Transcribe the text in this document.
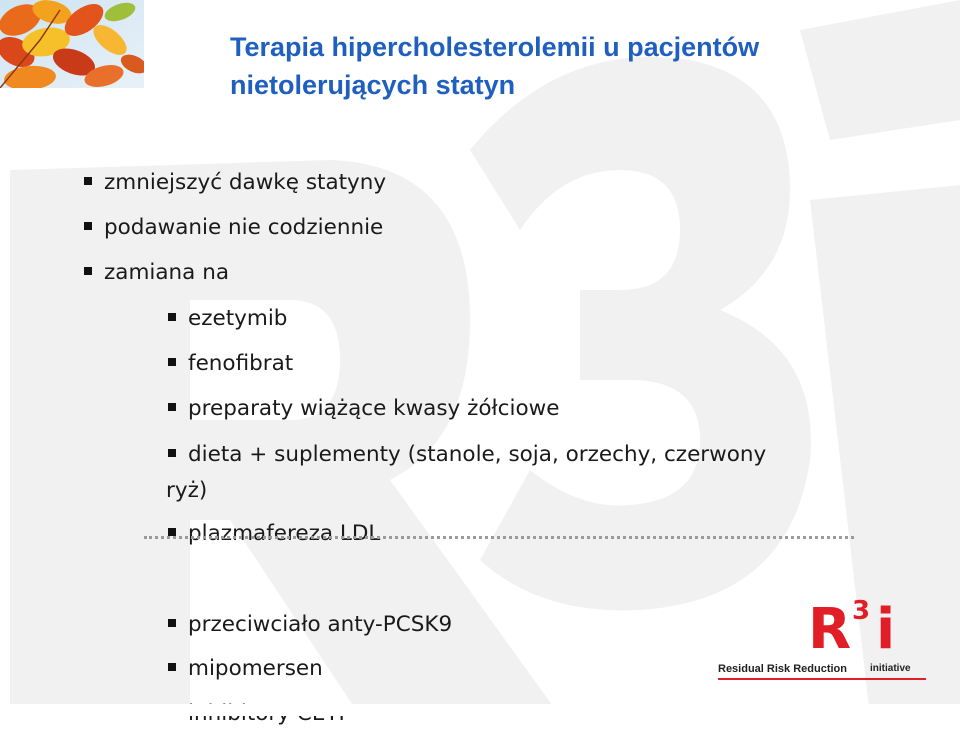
Terapia hipercholesterolemii u pacjentów
nietolerujących statyn
zmniejszyć dawkę statyny
podawanie nie codziennie
zamiana na
ezetymib
fenofibrat
preparaty wiążące kwasy żółciowe
dieta + suplementy (stanole, soja, orzechy, czerwony
ryż)
plazmafereza LDL
przeciwciało anty-PCSK9
mipomersen
R 3 i
Residual Risk Reduction initiative
